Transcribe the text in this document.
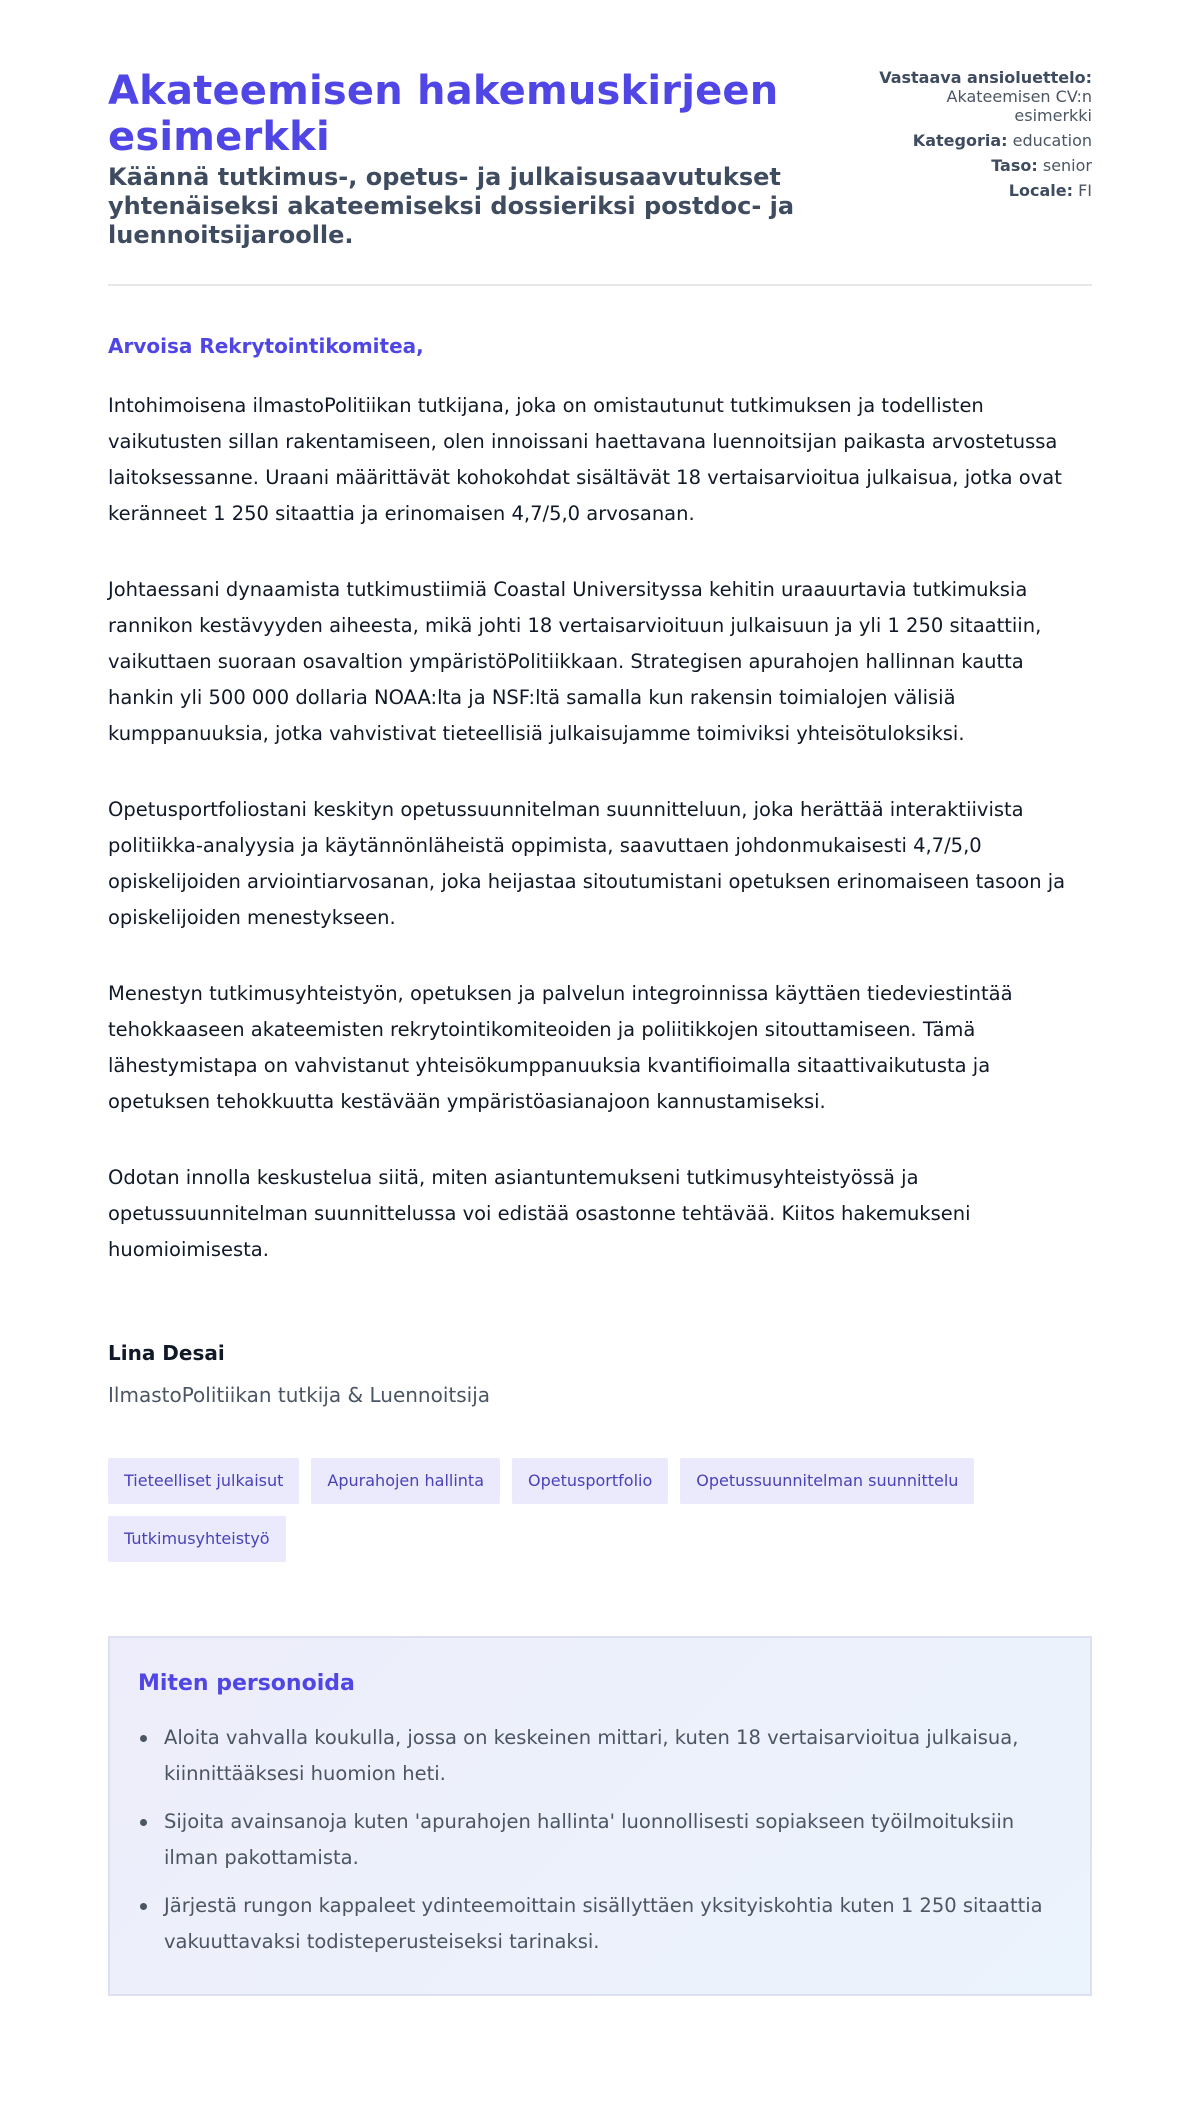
Akateemisen hakemuskirjeen esimerkki
Käännä tutkimus-, opetus- ja julkaisusaavutukset yhtenäiseksi akateemiseksi dossieriksi postdoc- ja luennoitsijaroolle.
Vastaava ansioluettelo: Akateemisen CV:n esimerkki
Kategoria: education
Taso: senior
Locale: FI

Arvoisa Rekrytointikomitea,

Intohimoisena ilmastoPolitiikan tutkijana, joka on omistautunut tutkimuksen ja todellisten vaikutusten sillan rakentamiseen, olen innoissani haettavana luennoitsijan paikasta arvostetussa laitoksessanne. Uraani määrittävät kohokohdat sisältävät 18 vertaisarvioitua julkaisua, jotka ovat keränneet 1 250 sitaattia ja erinomaisen 4,7/5,0 arvosanan.

Johtaessani dynaamista tutkimustiimiä Coastal Universityssa kehitin uraauurtavia tutkimuksia rannikon kestävyyden aiheesta, mikä johti 18 vertaisarvioituun julkaisuun ja yli 1 250 sitaattiin, vaikuttaen suoraan osavaltion ympäristöPolitiikkaan. Strategisen apurahojen hallinnan kautta hankin yli 500 000 dollaria NOAA:lta ja NSF:ltä samalla kun rakensin toimialojen välisiä kumppanuuksia, jotka vahvistivat tieteellisiä julkaisujamme toimiviksi yhteisötuloksiksi.

Opetusportfoliostani keskityn opetussuunnitelman suunnitteluun, joka herättää interaktiivista politiikka-analyysia ja käytännönläheistä oppimista, saavuttaen johdonmukaisesti 4,7/5,0 opiskelijoiden arviointiarvosanan, joka heijastaa sitoutumistani opetuksen erinomaiseen tasoon ja opiskelijoiden menestykseen.

Menestyn tutkimusyhteistyön, opetuksen ja palvelun integroinnissa käyttäen tiedeviestintää tehokkaaseen akateemisten rekrytointikomiteoiden ja poliitikkojen sitouttamiseen. Tämä lähestymistapa on vahvistanut yhteisökumppanuuksia kvantifioimalla sitaattivaikutusta ja opetuksen tehokkuutta kestävään ympäristöasianajoon kannustamiseksi.

Odotan innolla keskustelua siitä, miten asiantuntemukseni tutkimusyhteistyössä ja opetussuunnitelman suunnittelussa voi edistää osastonne tehtävää. Kiitos hakemukseni huomioimisesta.

Lina Desai

IlmastoPolitiikan tutkija & Luennoitsija

Tieteelliset julkaisut	Apurahojen hallinta	Opetusportfolio	Opetussuunnitelman suunnittelu
Tutkimusyhteistyö
Miten personoida
Aloita vahvalla koukulla, jossa on keskeinen mittari, kuten 18 vertaisarvioitua julkaisua, kiinnittääksesi huomion heti.
Sijoita avainsanoja kuten 'apurahojen hallinta' luonnollisesti sopiakseen työilmoituksiin ilman pakottamista.
Järjestä rungon kappaleet ydinteemoittain sisällyttäen yksityiskohtia kuten 1 250 sitaattia vakuuttavaksi todisteperusteiseksi tarinaksi.
